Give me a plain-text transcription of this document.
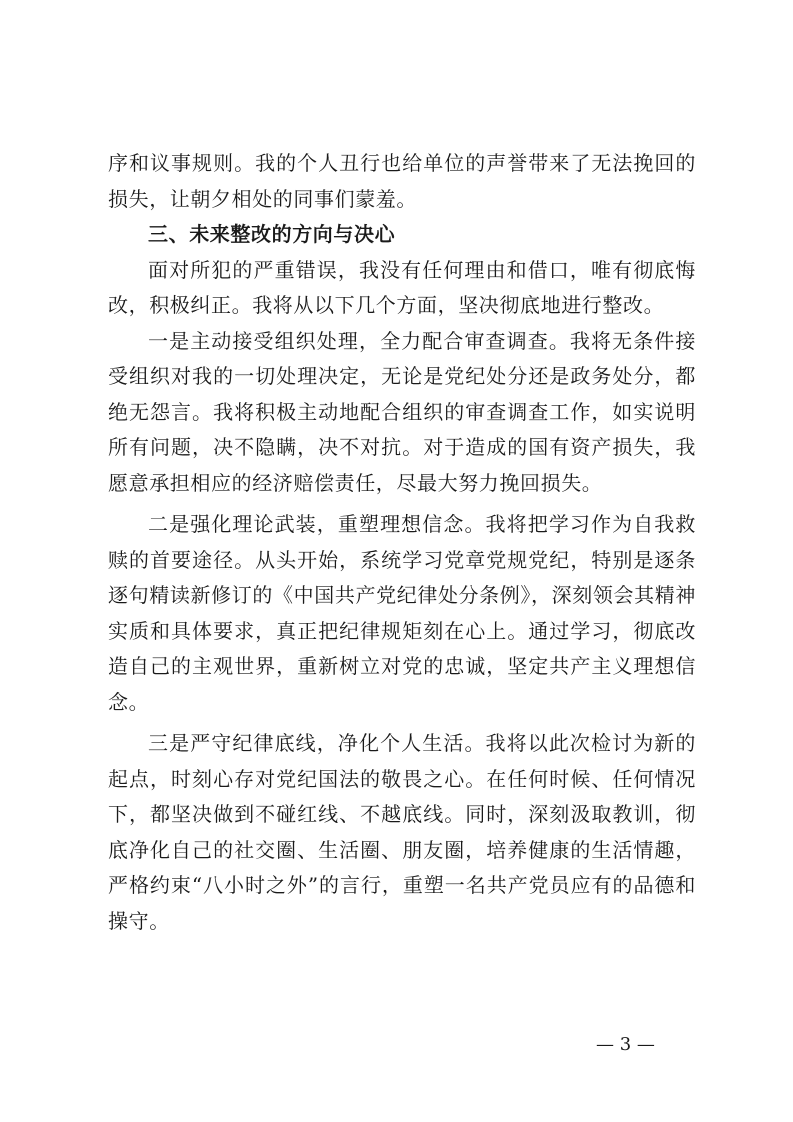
序和议事规则。我的个人丑行也给单位的声誉带来了无法挽回的损失，让朝夕相处的同事们蒙羞。

三、未来整改的方向与决心

面对所犯的严重错误，我没有任何理由和借口，唯有彻底悔改，积极纠正。我将从以下几个方面，坚决彻底地进行整改。

一是主动接受组织处理，全力配合审查调查。我将无条件接受组织对我的一切处理决定，无论是党纪处分还是政务处分，都绝无怨言。我将积极主动地配合组织的审查调查工作，如实说明所有问题，决不隐瞒，决不对抗。对于造成的国有资产损失，我愿意承担相应的经济赔偿责任，尽最大努力挽回损失。

二是强化理论武装，重塑理想信念。我将把学习作为自我救赎的首要途径。从头开始，系统学习党章党规党纪，特别是逐条逐句精读新修订的《中国共产党纪律处分条例》，深刻领会其精神实质和具体要求，真正把纪律规矩刻在心上。通过学习，彻底改造自己的主观世界，重新树立对党的忠诚，坚定共产主义理想信念。

三是严守纪律底线，净化个人生活。我将以此次检讨为新的起点，时刻心存对党纪国法的敬畏之心。在任何时候、任何情况下，都坚决做到不碰红线、不越底线。同时，深刻汲取教训，彻底净化自己的社交圈、生活圈、朋友圈，培养健康的生活情趣，严格约束“八小时之外”的言行，重塑一名共产党员应有的品德和操守。

— 3 —
